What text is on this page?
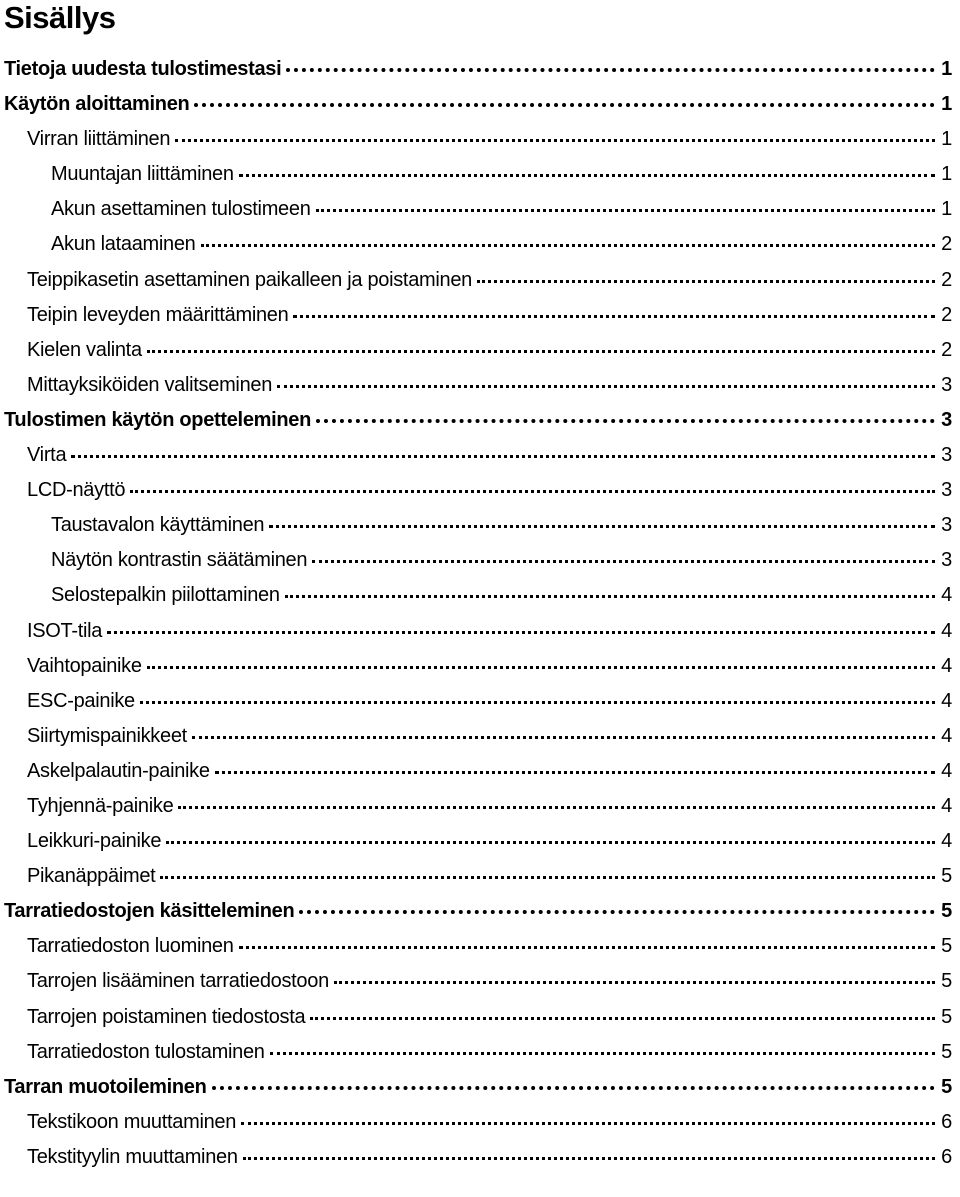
Sisällys
Tietoja uudesta tulostimestasi	1
Käytön aloittaminen	1
Virran liittäminen	1
Muuntajan liittäminen	1
Akun asettaminen tulostimeen	1
Akun lataaminen	2
Teippikasetin asettaminen paikalleen ja poistaminen	2
Teipin leveyden määrittäminen	2
Kielen valinta	2
Mittayksiköiden valitseminen	3
Tulostimen käytön opetteleminen	3
Virta	3
LCD-näyttö	3
Taustavalon käyttäminen	3
Näytön kontrastin säätäminen	3
Selostepalkin piilottaminen	4
ISOT-tila	4
Vaihtopainike	4
ESC-painike	4
Siirtymispainikkeet	4
Askelpalautin-painike	4
Tyhjennä-painike	4
Leikkuri-painike	4
Pikanäppäimet	5
Tarratiedostojen käsitteleminen	5
Tarratiedoston luominen	5
Tarrojen lisääminen tarratiedostoon	5
Tarrojen poistaminen tiedostosta	5
Tarratiedoston tulostaminen	5
Tarran muotoileminen	5
Tekstikoon muuttaminen	6
Tekstityylin muuttaminen	6
